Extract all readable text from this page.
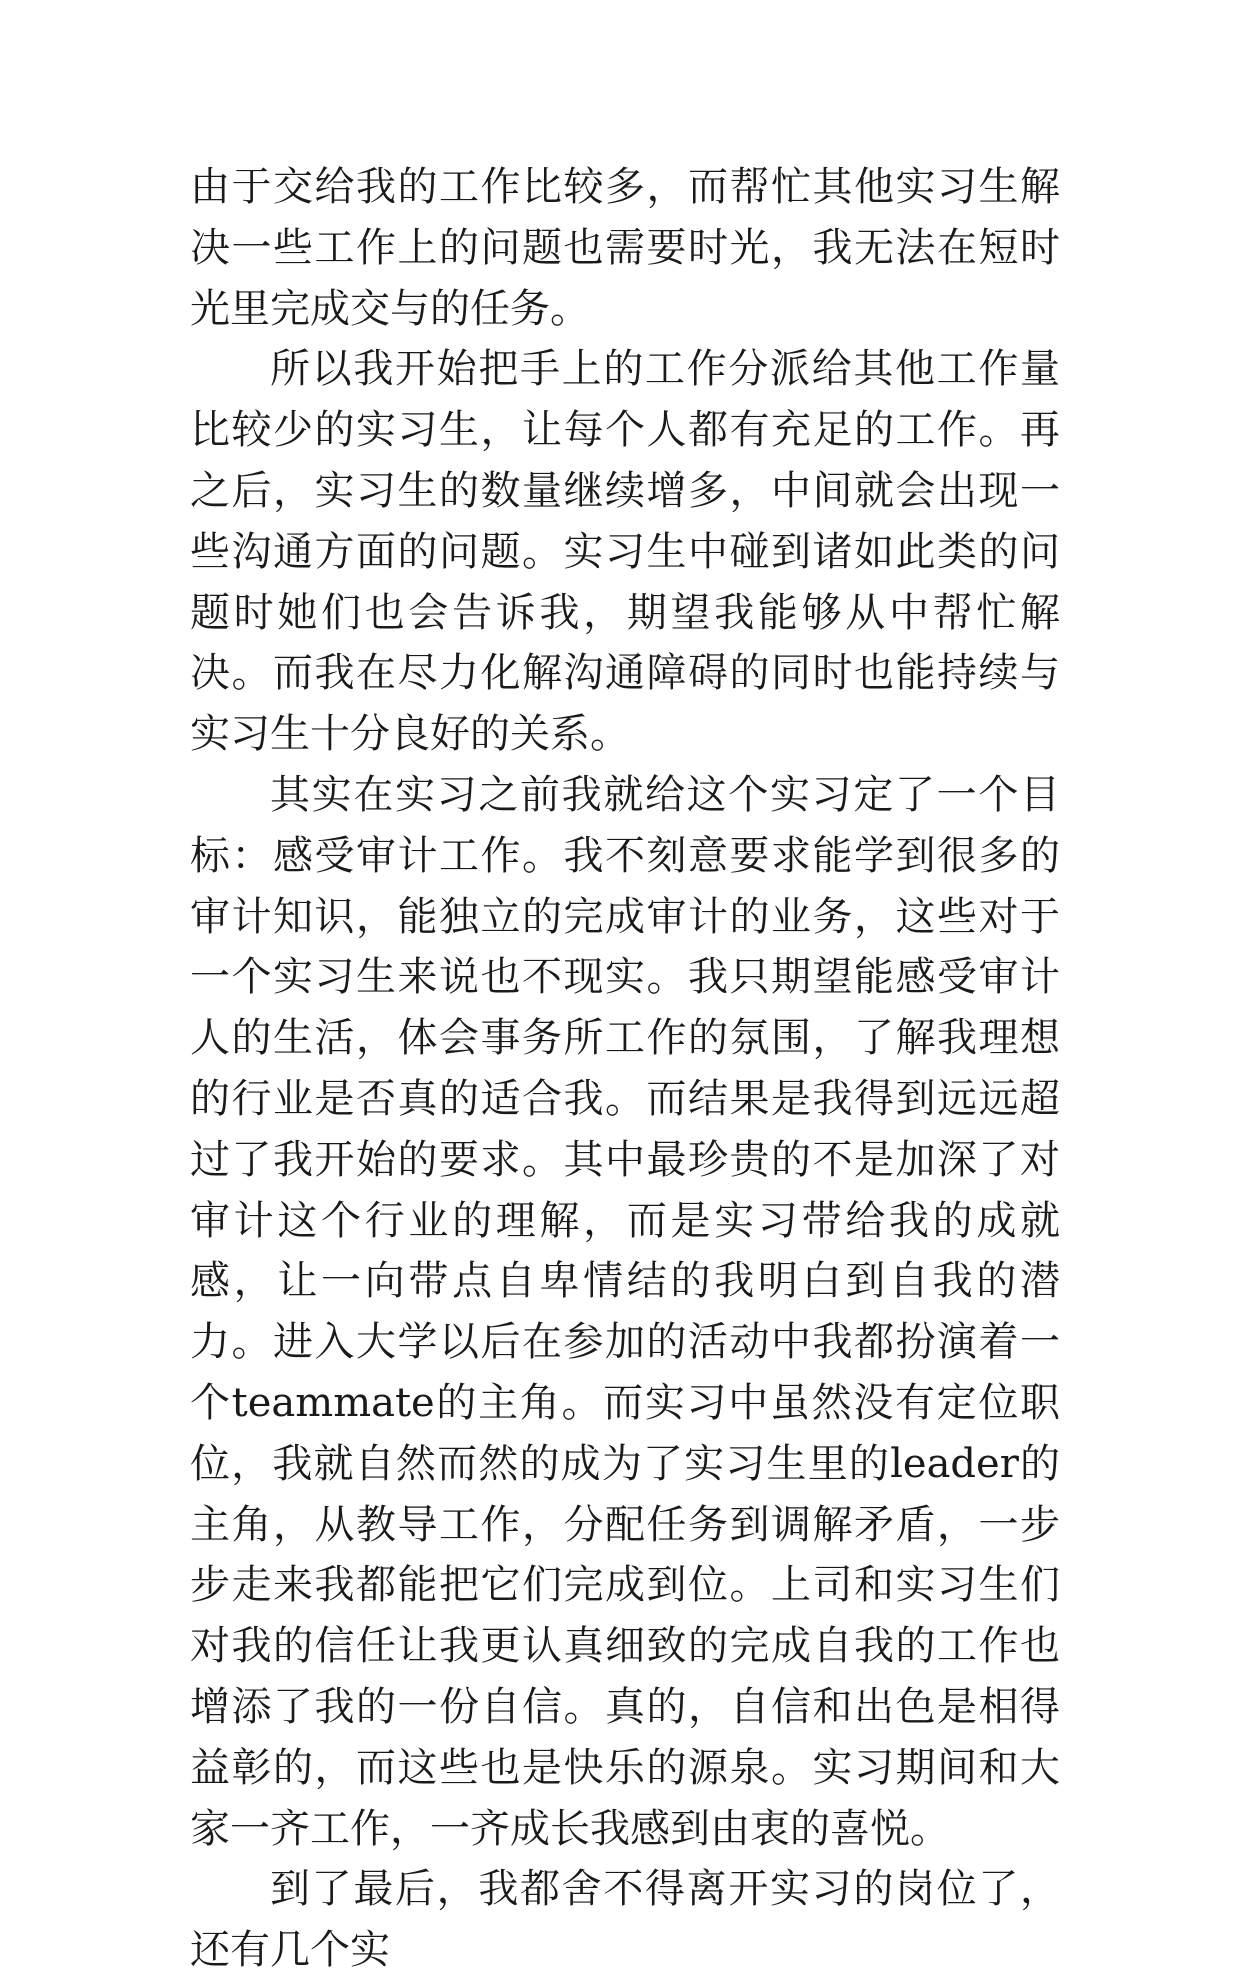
由于交给我的工作比较多，而帮忙其他实习生解决一些工作上的问题也需要时光，我无法在短时光里完成交与的任务。

所以我开始把手上的工作分派给其他工作量比较少的实习生，让每个人都有充足的工作。再之后，实习生的数量继续增多，中间就会出现一些沟通方面的问题。实习生中碰到诸如此类的问题时她们也会告诉我，期望我能够从中帮忙解决。而我在尽力化解沟通障碍的同时也能持续与实习生十分良好的关系。

其实在实习之前我就给这个实习定了一个目标：感受审计工作。我不刻意要求能学到很多的审计知识，能独立的完成审计的业务，这些对于一个实习生来说也不现实。我只期望能感受审计人的生活，体会事务所工作的氛围，了解我理想的行业是否真的适合我。而结果是我得到远远超过了我开始的要求。其中最珍贵的不是加深了对审计这个行业的理解，而是实习带给我的成就感，让一向带点自卑情结的我明白到自我的潜力。进入大学以后在参加的活动中我都扮演着一个teammate的主角。而实习中虽然没有定位职位，我就自然而然的成为了实习生里的leader的主角，从教导工作，分配任务到调解矛盾，一步步走来我都能把它们完成到位。上司和实习生们对我的信任让我更认真细致的完成自我的工作也增添了我的一份自信。真的，自信和出色是相得益彰的，而这些也是快乐的源泉。实习期间和大家一齐工作，一齐成长我感到由衷的喜悦。

到了最后，我都舍不得离开实习的岗位了，还有几个实
